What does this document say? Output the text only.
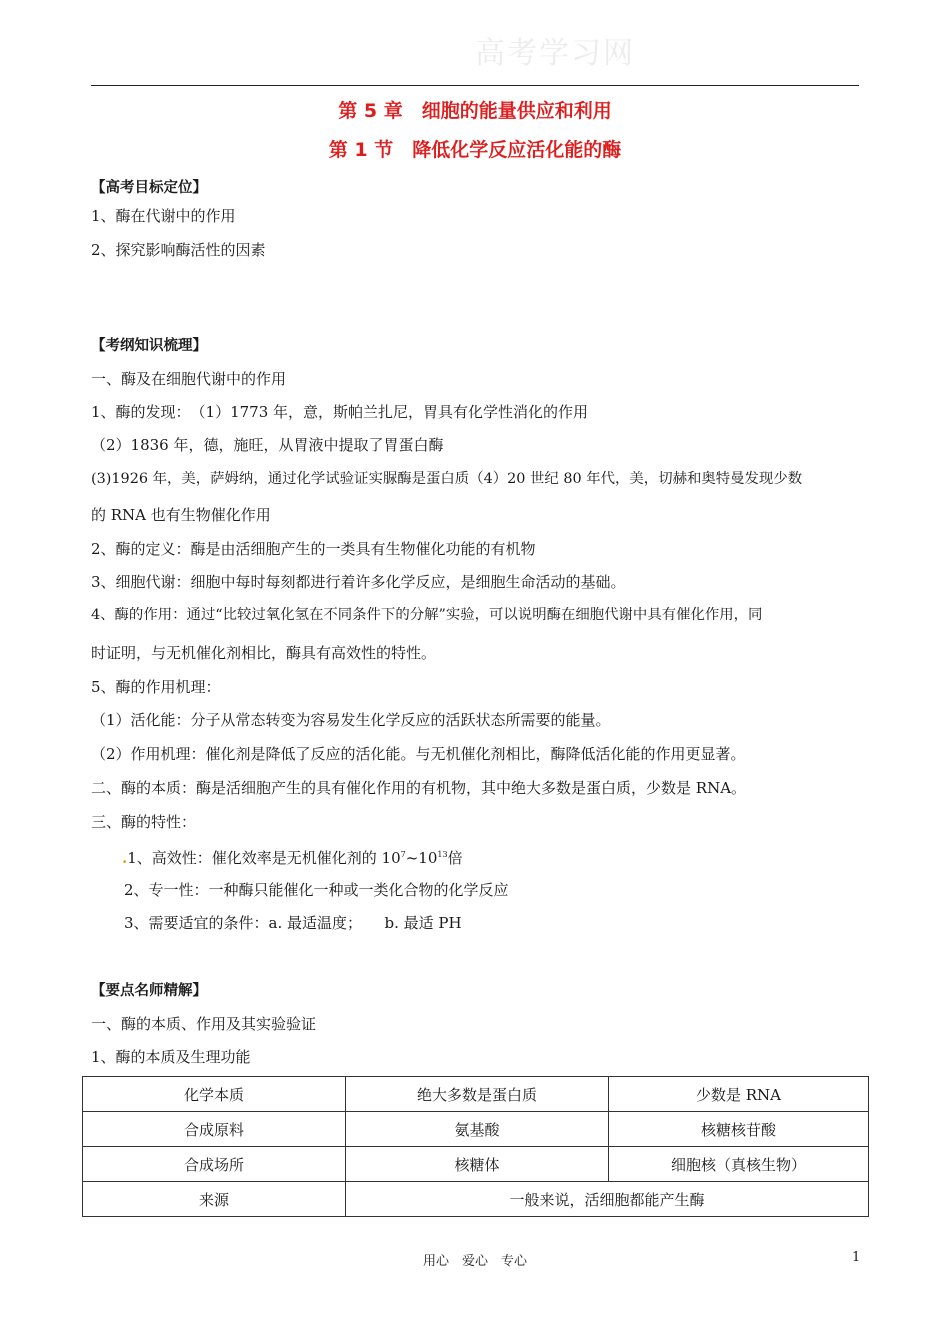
高考学习网
第 5 章　细胞的能量供应和利用
第 1 节　降低化学反应活化能的酶
【高考目标定位】
1、酶在代谢中的作用
2、探究影响酶活性的因素
【考纲知识梳理】
一、酶及在细胞代谢中的作用
1、酶的发现：　（1）1773 年，意，斯帕兰扎尼，胃具有化学性消化的作用
（2）1836 年，德，施旺，从胃液中提取了胃蛋白酶
(3)1926 年，美，萨姆纳，通过化学试验证实脲酶是蛋白质（4）20 世纪 80 年代，美，切赫和奥特曼发现少数
的 RNA 也有生物催化作用
2、酶的定义：酶是由活细胞产生的一类具有生物催化功能的有机物
3、细胞代谢：细胞中每时每刻都进行着许多化学反应，是细胞生命活动的基础。
4、酶的作用：通过“比较过氧化氢在不同条件下的分解”实验，可以说明酶在细胞代谢中具有催化作用，同
时证明，与无机催化剂相比，酶具有高效性的特性。
5、酶的作用机理：
（1）活化能：分子从常态转变为容易发生化学反应的活跃状态所需要的能量。
（2）作用机理：催化剂是降低了反应的活化能。与无机催化剂相比，酶降低活化能的作用更显著。
二、酶的本质：酶是活细胞产生的具有催化作用的有机物，其中绝大多数是蛋白质，少数是 RNA。
三、酶的特性：
.1、高效性：催化效率是无机催化剂的 $10^7\sim 10^{13}$倍
2、专一性：一种酶只能催化一种或一类化合物的化学反应
3、需要适宜的条件：a. 最适温度；　　b. 最适 PH
【要点名师精解】
一、酶的本质、作用及其实验验证
1、酶的本质及生理功能
化学本质	绝大多数是蛋白质	少数是 RNA
合成原料	氨基酸	核糖核苷酸
合成场所	核糖体	细胞核（真核生物）
来源	一般来说，活细胞都能产生酶	
用心　爱心　专心	1
